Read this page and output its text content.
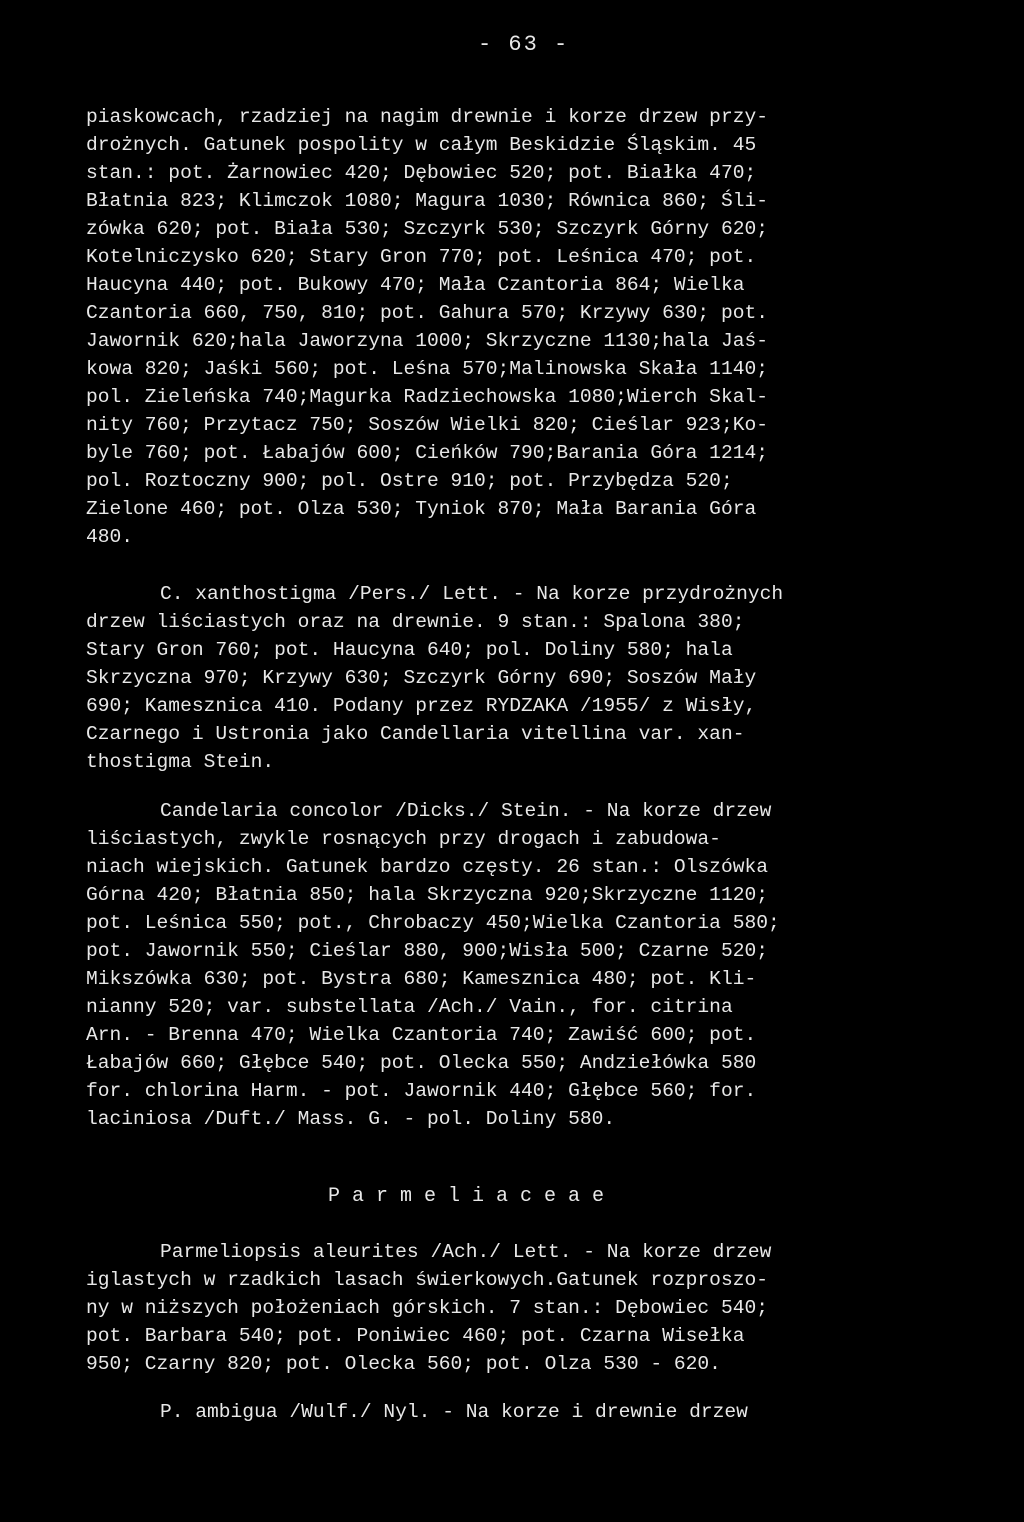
- 63 -
piaskowcach, rzadziej na nagim drewnie i korze drzew przy-
drożnych. Gatunek pospolity w całym Beskidzie Śląskim. 45
stan.: pot. Żarnowiec 420; Dębowiec 520; pot. Białka 470;
Błatnia 823; Klimczok 1080; Magura 1030; Równica 860; Śli-
zówka 620; pot. Biała 530; Szczyrk 530; Szczyrk Górny 620;
Kotelniczysko 620; Stary Gron 770; pot. Leśnica 470; pot.
Haucyna 440; pot. Bukowy 470; Mała Czantoria 864; Wielka
Czantoria 660, 750, 810; pot. Gahura 570; Krzywy 630; pot.
Jawornik 620;hala Jaworzyna 1000; Skrzyczne 1130;hala Jaś-
kowa 820; Jaśki 560; pot. Leśna 570;Malinowska Skała 1140;
pol. Zieleńska 740;Magurka Radziechowska 1080;Wierch Skal-
nity 760; Przytacz 750; Soszów Wielki 820; Cieślar 923;Ko-
byle 760; pot. Łabajów 600; Cieńków 790;Barania Góra 1214;
pol. Roztoczny 900; pol. Ostre 910; pot. Przybędza 520;
Zielone 460; pot. Olza 530; Tyniok 870; Mała Barania Góra
480.
C. xanthostigma /Pers./ Lett. - Na korze przydrożnych
drzew liściastych oraz na drewnie. 9 stan.: Spalona 380;
Stary Gron 760; pot. Haucyna 640; pol. Doliny 580; hala
Skrzyczna 970; Krzywy 630; Szczyrk Górny 690; Soszów Mały
690; Kamesznica 410. Podany przez RYDZAKA /1955/ z Wisły,
Czarnego i Ustronia jako Candellaria vitellina var. xan-
thostigma Stein.
Candelaria concolor /Dicks./ Stein. - Na korze drzew
liściastych, zwykle rosnących przy drogach i zabudowa-
niach wiejskich. Gatunek bardzo częsty. 26 stan.: Olszówka
Górna 420; Błatnia 850; hala Skrzyczna 920;Skrzyczne 1120;
pot. Leśnica 550; pot., Chrobaczy 450;Wielka Czantoria 580;
pot. Jawornik 550; Cieślar 880, 900;Wisła 500; Czarne 520;
Mikszówka 630; pot. Bystra 680; Kamesznica 480; pot. Kli-
nianny 520; var. substellata /Ach./ Vain., for. citrina
Arn. - Brenna 470; Wielka Czantoria 740; Zawiść 600; pot.
Łabajów 660; Głębce 540; pot. Olecka 550; Andziełówka 580
for. chlorina Harm. - pot. Jawornik 440; Głębce 560; for.
laciniosa /Duft./ Mass. G. - pol. Doliny 580.
P a r m e l i a c e a e
Parmeliopsis aleurites /Ach./ Lett. - Na korze drzew
iglastych w rzadkich lasach świerkowych.Gatunek rozproszo-
ny w niższych położeniach górskich. 7 stan.: Dębowiec 540;
pot. Barbara 540; pot. Poniwiec 460; pot. Czarna Wisełka
950; Czarny 820; pot. Olecka 560; pot. Olza 530 - 620.
P. ambigua /Wulf./ Nyl. - Na korze i drewnie drzew
